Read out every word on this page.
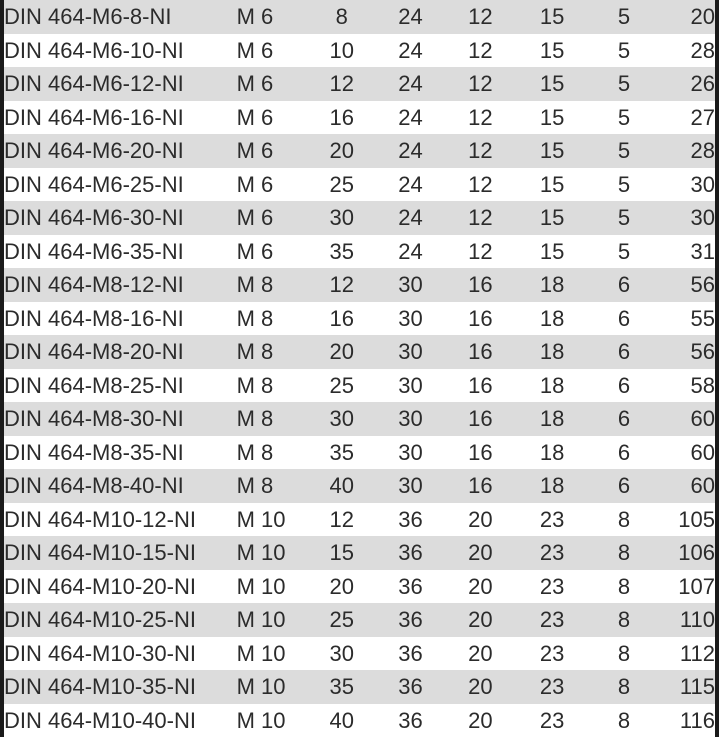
DIN 464-M6-8-NI	M 6	8	24	12	15	5	20
DIN 464-M6-10-NI	M 6	10	24	12	15	5	28
DIN 464-M6-12-NI	M 6	12	24	12	15	5	26
DIN 464-M6-16-NI	M 6	16	24	12	15	5	27
DIN 464-M6-20-NI	M 6	20	24	12	15	5	28
DIN 464-M6-25-NI	M 6	25	24	12	15	5	30
DIN 464-M6-30-NI	M 6	30	24	12	15	5	30
DIN 464-M6-35-NI	M 6	35	24	12	15	5	31
DIN 464-M8-12-NI	M 8	12	30	16	18	6	56
DIN 464-M8-16-NI	M 8	16	30	16	18	6	55
DIN 464-M8-20-NI	M 8	20	30	16	18	6	56
DIN 464-M8-25-NI	M 8	25	30	16	18	6	58
DIN 464-M8-30-NI	M 8	30	30	16	18	6	60
DIN 464-M8-35-NI	M 8	35	30	16	18	6	60
DIN 464-M8-40-NI	M 8	40	30	16	18	6	60
DIN 464-M10-12-NI	M 10	12	36	20	23	8	105
DIN 464-M10-15-NI	M 10	15	36	20	23	8	106
DIN 464-M10-20-NI	M 10	20	36	20	23	8	107
DIN 464-M10-25-NI	M 10	25	36	20	23	8	110
DIN 464-M10-30-NI	M 10	30	36	20	23	8	112
DIN 464-M10-35-NI	M 10	35	36	20	23	8	115
DIN 464-M10-40-NI	M 10	40	36	20	23	8	116
